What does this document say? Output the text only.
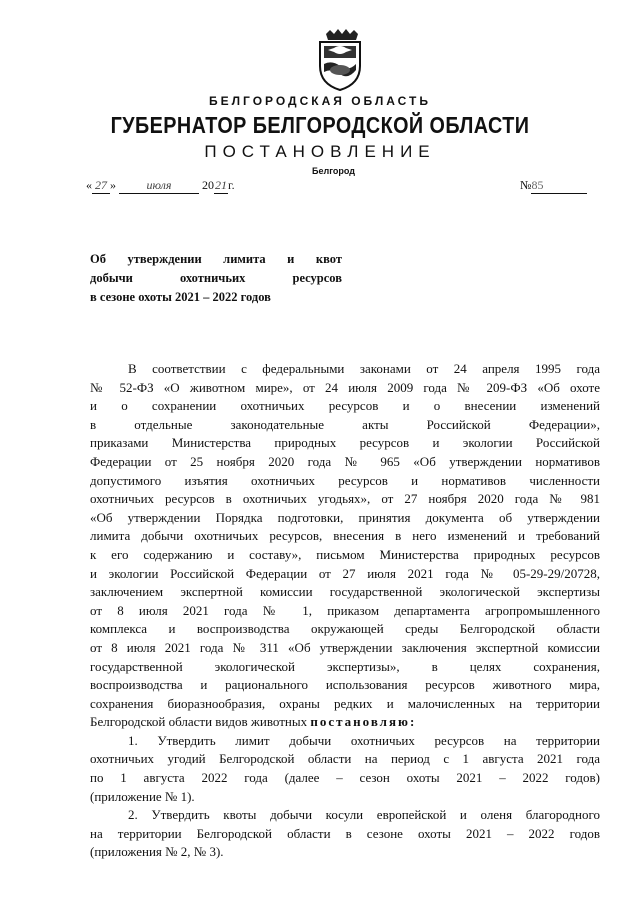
БЕЛГОРОДСКАЯ ОБЛАСТЬ
ГУБЕРНАТОР БЕЛГОРОДСКОЙ ОБЛАСТИ
ПОСТАНОВЛЕНИЕ
Белгород
« 27 »	июля	2021г.	№85
Об утверждении лимита и квот
добычи охотничьих ресурсов
в сезоне охоты 2021 – 2022 годов
В соответствии с федеральными законами от 24 апреля 1995 года
№ 52-ФЗ «О животном мире», от 24 июля 2009 года № 209-ФЗ «Об охоте
и о сохранении охотничьих ресурсов и о внесении изменений
в отдельные законодательные акты Российской Федерации»,
приказами Министерства природных ресурсов и экологии Российской
Федерации от 25 ноября 2020 года № 965 «Об утверждении нормативов
допустимого изъятия охотничьих ресурсов и нормативов численности
охотничьих ресурсов в охотничьих угодьях», от 27 ноября 2020 года № 981
«Об утверждении Порядка подготовки, принятия документа об утверждении
лимита добычи охотничьих ресурсов, внесения в него изменений и требований
к его содержанию и составу», письмом Министерства природных ресурсов
и экологии Российской Федерации от 27 июля 2021 года № 05-29-29/20728,
заключением экспертной комиссии государственной экологической экспертизы
от 8 июля 2021 года № 1, приказом департамента агропромышленного
комплекса и воспроизводства окружающей среды Белгородской области
от 8 июля 2021 года № 311 «Об утверждении заключения экспертной комиссии
государственной экологической экспертизы», в целях сохранения,
воспроизводства и рационального использования ресурсов животного мира,
сохранения биоразнообразия, охраны редких и малочисленных на территории
Белгородской области видов животных постановляю:
1. Утвердить лимит добычи охотничьих ресурсов на территории
охотничьих угодий Белгородской области на период с 1 августа 2021 года
по 1 августа 2022 года (далее – сезон охоты 2021 – 2022 годов)
(приложение № 1).
2. Утвердить квоты добычи косули европейской и оленя благородного
на территории Белгородской области в сезоне охоты 2021 – 2022 годов
(приложения № 2, № 3).
